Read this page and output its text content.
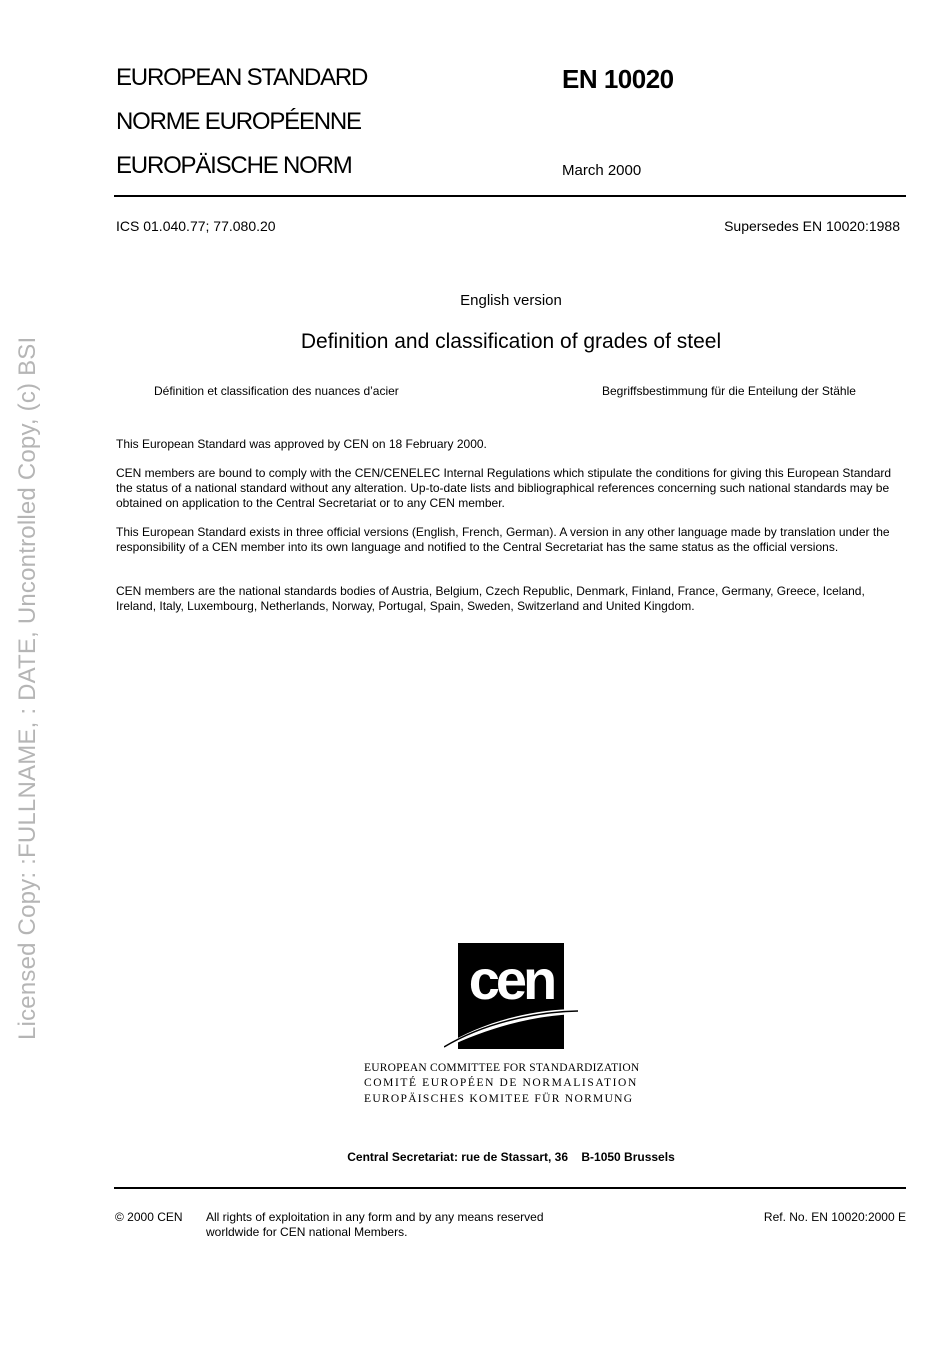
Licensed Copy: :FULLNAME, : DATE, Uncontrolled Copy, (c) BSI
EUROPEAN STANDARD
NORME EUROPÉENNE
EUROPÄISCHE NORM
EN 10020
March 2000
ICS 01.040.77; 77.080.20	Supersedes EN 10020:1988
English version
Definition and classification of grades of steel
Définition et classification des nuances d’acier	Begriffsbestimmung für die Enteilung der Stähle
This European Standard was approved by CEN on 18 February 2000.
CEN members are bound to comply with the CEN/CENELEC Internal Regulations which stipulate the conditions for giving this European Standard the status of a national standard without any alteration. Up-to-date lists and bibliographical references concerning such national standards may be obtained on application to the Central Secretariat or to any CEN member.
This European Standard exists in three official versions (English, French, German). A version in any other language made by translation under the responsibility of a CEN member into its own language and notified to the Central Secretariat has the same status as the official versions.
CEN members are the national standards bodies of Austria, Belgium, Czech Republic, Denmark, Finland, France, Germany, Greece, Iceland, Ireland, Italy, Luxembourg, Netherlands, Norway, Portugal, Spain, Sweden, Switzerland and United Kingdom.
cen
EUROPEAN COMMITTEE FOR STANDARDIZATION
COMITÉ EUROPÉEN DE NORMALISATION
EUROPÄISCHES KOMITEE FÜR NORMUNG
Central Secretariat: rue de Stassart, 36    B-1050 Brussels
© 2000 CEN All rights of exploitation in any form and by any means reserved
worldwide for CEN national Members.
Ref. No. EN 10020:2000 E
